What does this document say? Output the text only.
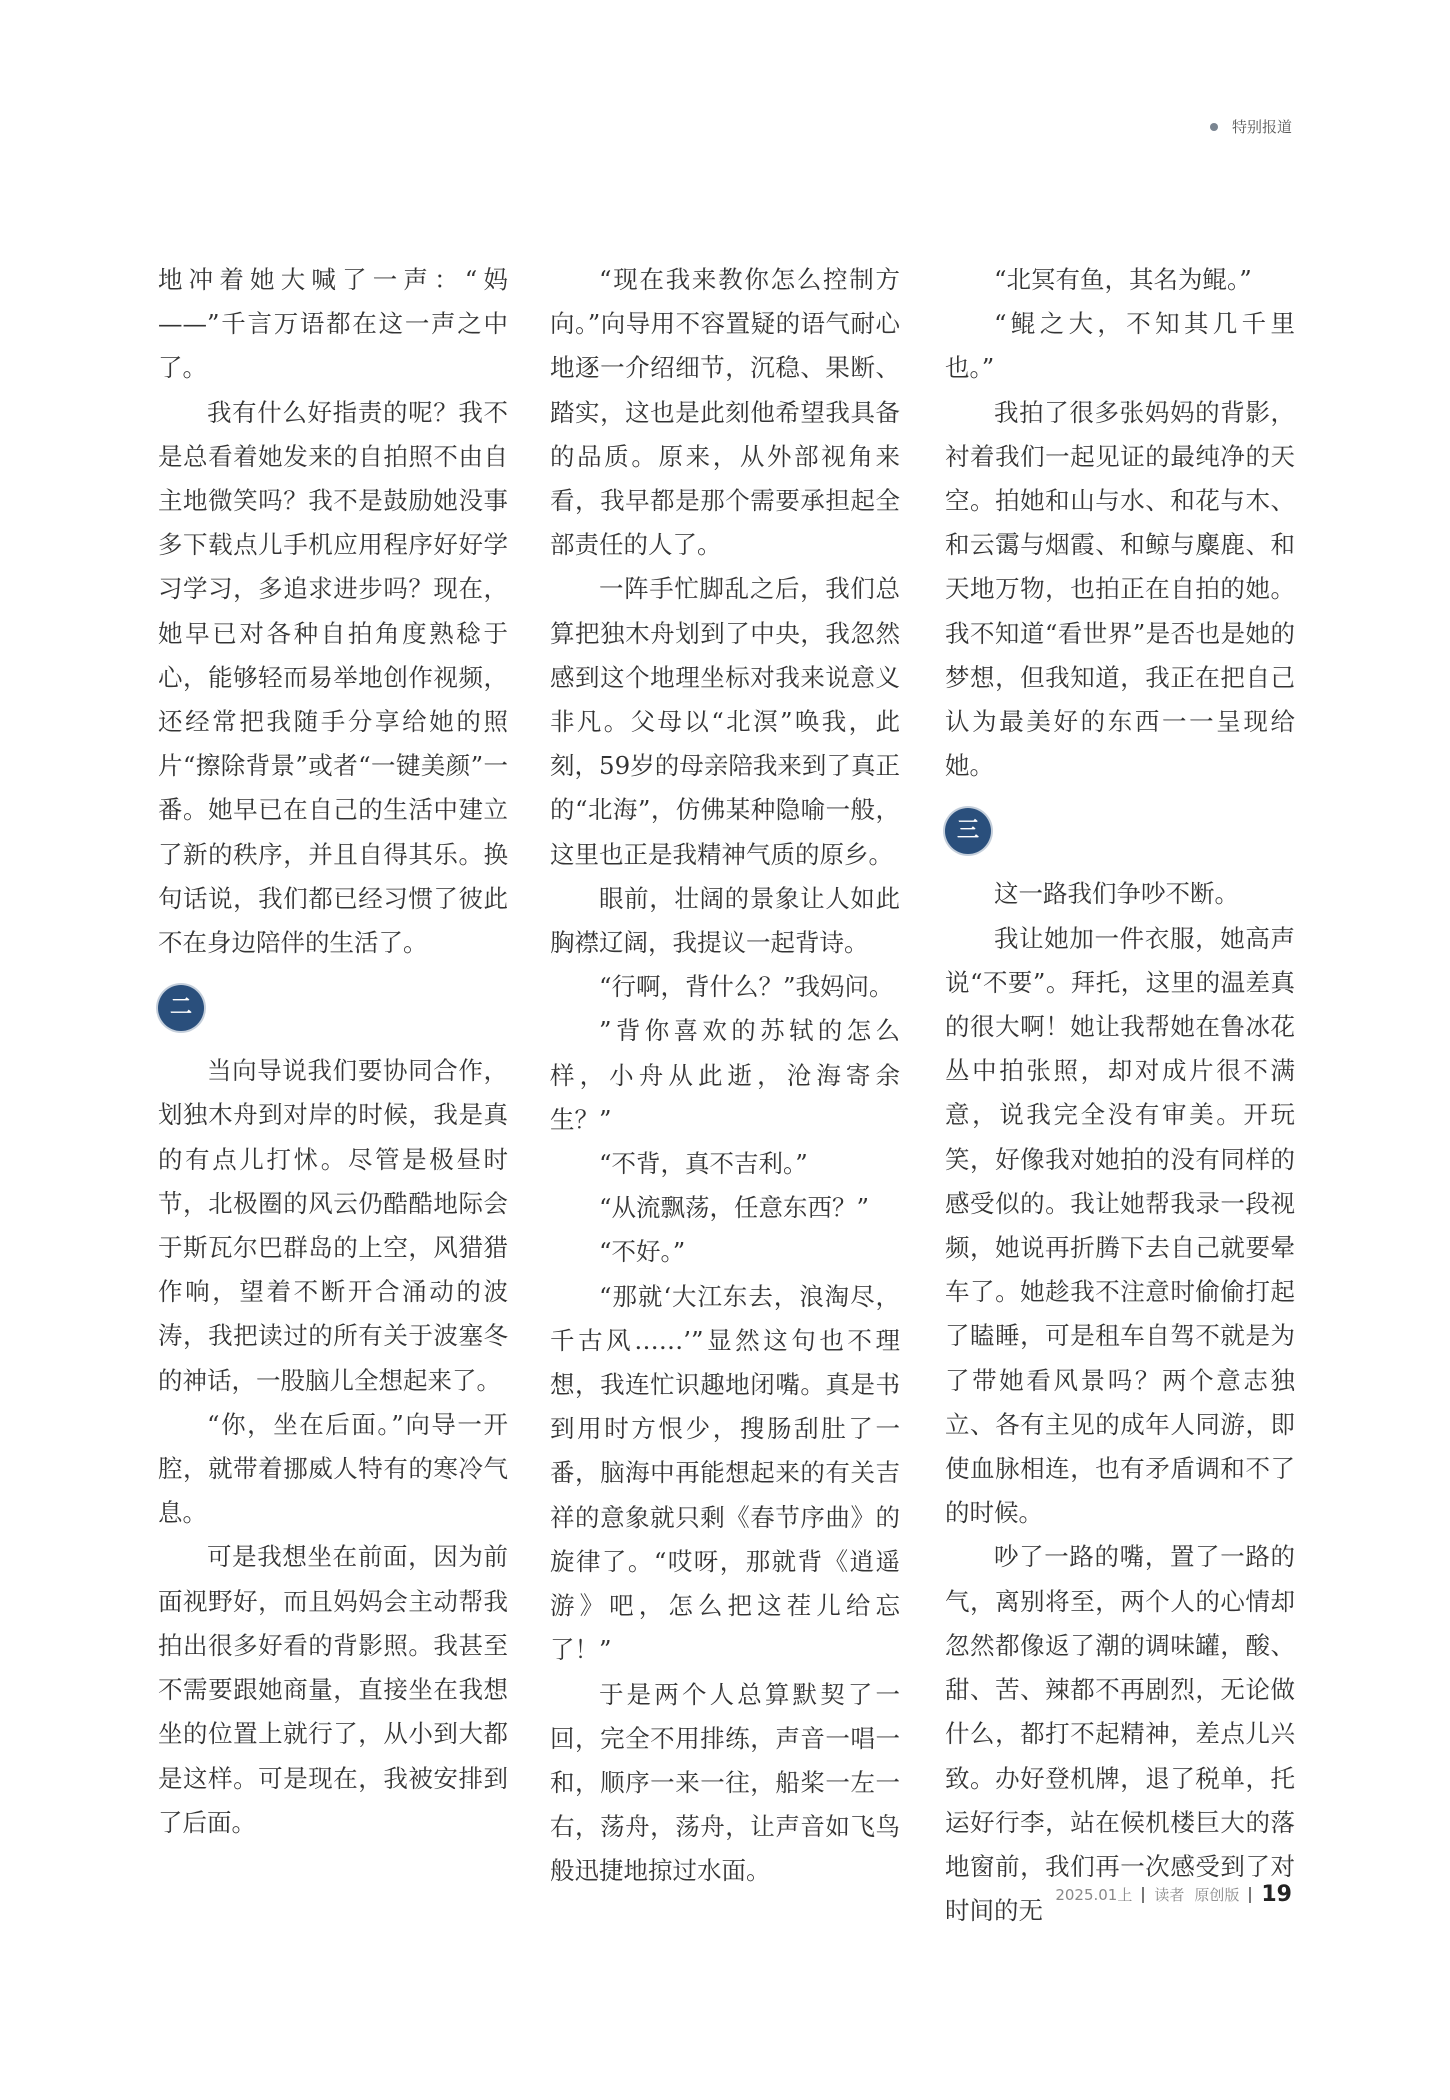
特别报道

地冲着她大喊了一声：“妈——”千言万语都在这一声之中了。

我有什么好指责的呢？我不是总看着她发来的自拍照不由自主地微笑吗？我不是鼓励她没事多下载点儿手机应用程序好好学习学习，多追求进步吗？现在，她早已对各种自拍角度熟稔于心，能够轻而易举地创作视频，还经常把我随手分享给她的照片“擦除背景”或者“一键美颜”一番。她早已在自己的生活中建立了新的秩序，并且自得其乐。换句话说，我们都已经习惯了彼此不在身边陪伴的生活了。

二

当向导说我们要协同合作，划独木舟到对岸的时候，我是真的有点儿打怵。尽管是极昼时节，北极圈的风云仍酷酷地际会于斯瓦尔巴群岛的上空，风猎猎作响，望着不断开合涌动的波涛，我把读过的所有关于波塞冬的神话，一股脑儿全想起来了。

“你，坐在后面。”向导一开腔，就带着挪威人特有的寒冷气息。

可是我想坐在前面，因为前面视野好，而且妈妈会主动帮我拍出很多好看的背影照。我甚至不需要跟她商量，直接坐在我想坐的位置上就行了，从小到大都是这样。可是现在，我被安排到了后面。

“现在我来教你怎么控制方向。”向导用不容置疑的语气耐心地逐一介绍细节，沉稳、果断、踏实，这也是此刻他希望我具备的品质。原来，从外部视角来看，我早都是那个需要承担起全部责任的人了。

一阵手忙脚乱之后，我们总算把独木舟划到了中央，我忽然感到这个地理坐标对我来说意义非凡。父母以“北溟”唤我，此刻，59岁的母亲陪我来到了真正的“北海”，仿佛某种隐喻一般，这里也正是我精神气质的原乡。

眼前，壮阔的景象让人如此胸襟辽阔，我提议一起背诗。

“行啊，背什么？”我妈问。

”背你喜欢的苏轼的怎么样，小舟从此逝，沧海寄余生？”

“不背，真不吉利。”

“从流飘荡，任意东西？”

“不好。”

“那就‘大江东去，浪淘尽，千古风……’”显然这句也不理想，我连忙识趣地闭嘴。真是书到用时方恨少，搜肠刮肚了一番，脑海中再能想起来的有关吉祥的意象就只剩《春节序曲》的旋律了。“哎呀，那就背《逍遥游》吧，怎么把这茬儿给忘了！”

于是两个人总算默契了一回，完全不用排练，声音一唱一和，顺序一来一往，船桨一左一右，荡舟，荡舟，让声音如飞鸟般迅捷地掠过水面。

“北冥有鱼，其名为鲲。”

“鲲之大，不知其几千里也。”

我拍了很多张妈妈的背影，衬着我们一起见证的最纯净的天空。拍她和山与水、和花与木、和云霭与烟霞、和鲸与麋鹿、和天地万物，也拍正在自拍的她。我不知道“看世界”是否也是她的梦想，但我知道，我正在把自己认为最美好的东西一一呈现给她。

三

这一路我们争吵不断。

我让她加一件衣服，她高声说“不要”。拜托，这里的温差真的很大啊！她让我帮她在鲁冰花丛中拍张照，却对成片很不满意，说我完全没有审美。开玩笑，好像我对她拍的没有同样的感受似的。我让她帮我录一段视频，她说再折腾下去自己就要晕车了。她趁我不注意时偷偷打起了瞌睡，可是租车自驾不就是为了带她看风景吗？两个意志独立、各有主见的成年人同游，即使血脉相连，也有矛盾调和不了的时候。

吵了一路的嘴，置了一路的气，离别将至，两个人的心情却忽然都像返了潮的调味罐，酸、甜、苦、辣都不再剧烈，无论做什么，都打不起精神，差点儿兴致。办好登机牌，退了税单，托运好行李，站在候机楼巨大的落地窗前，我们再一次感受到了对时间的无

2025.01上 读者 原创版 19
